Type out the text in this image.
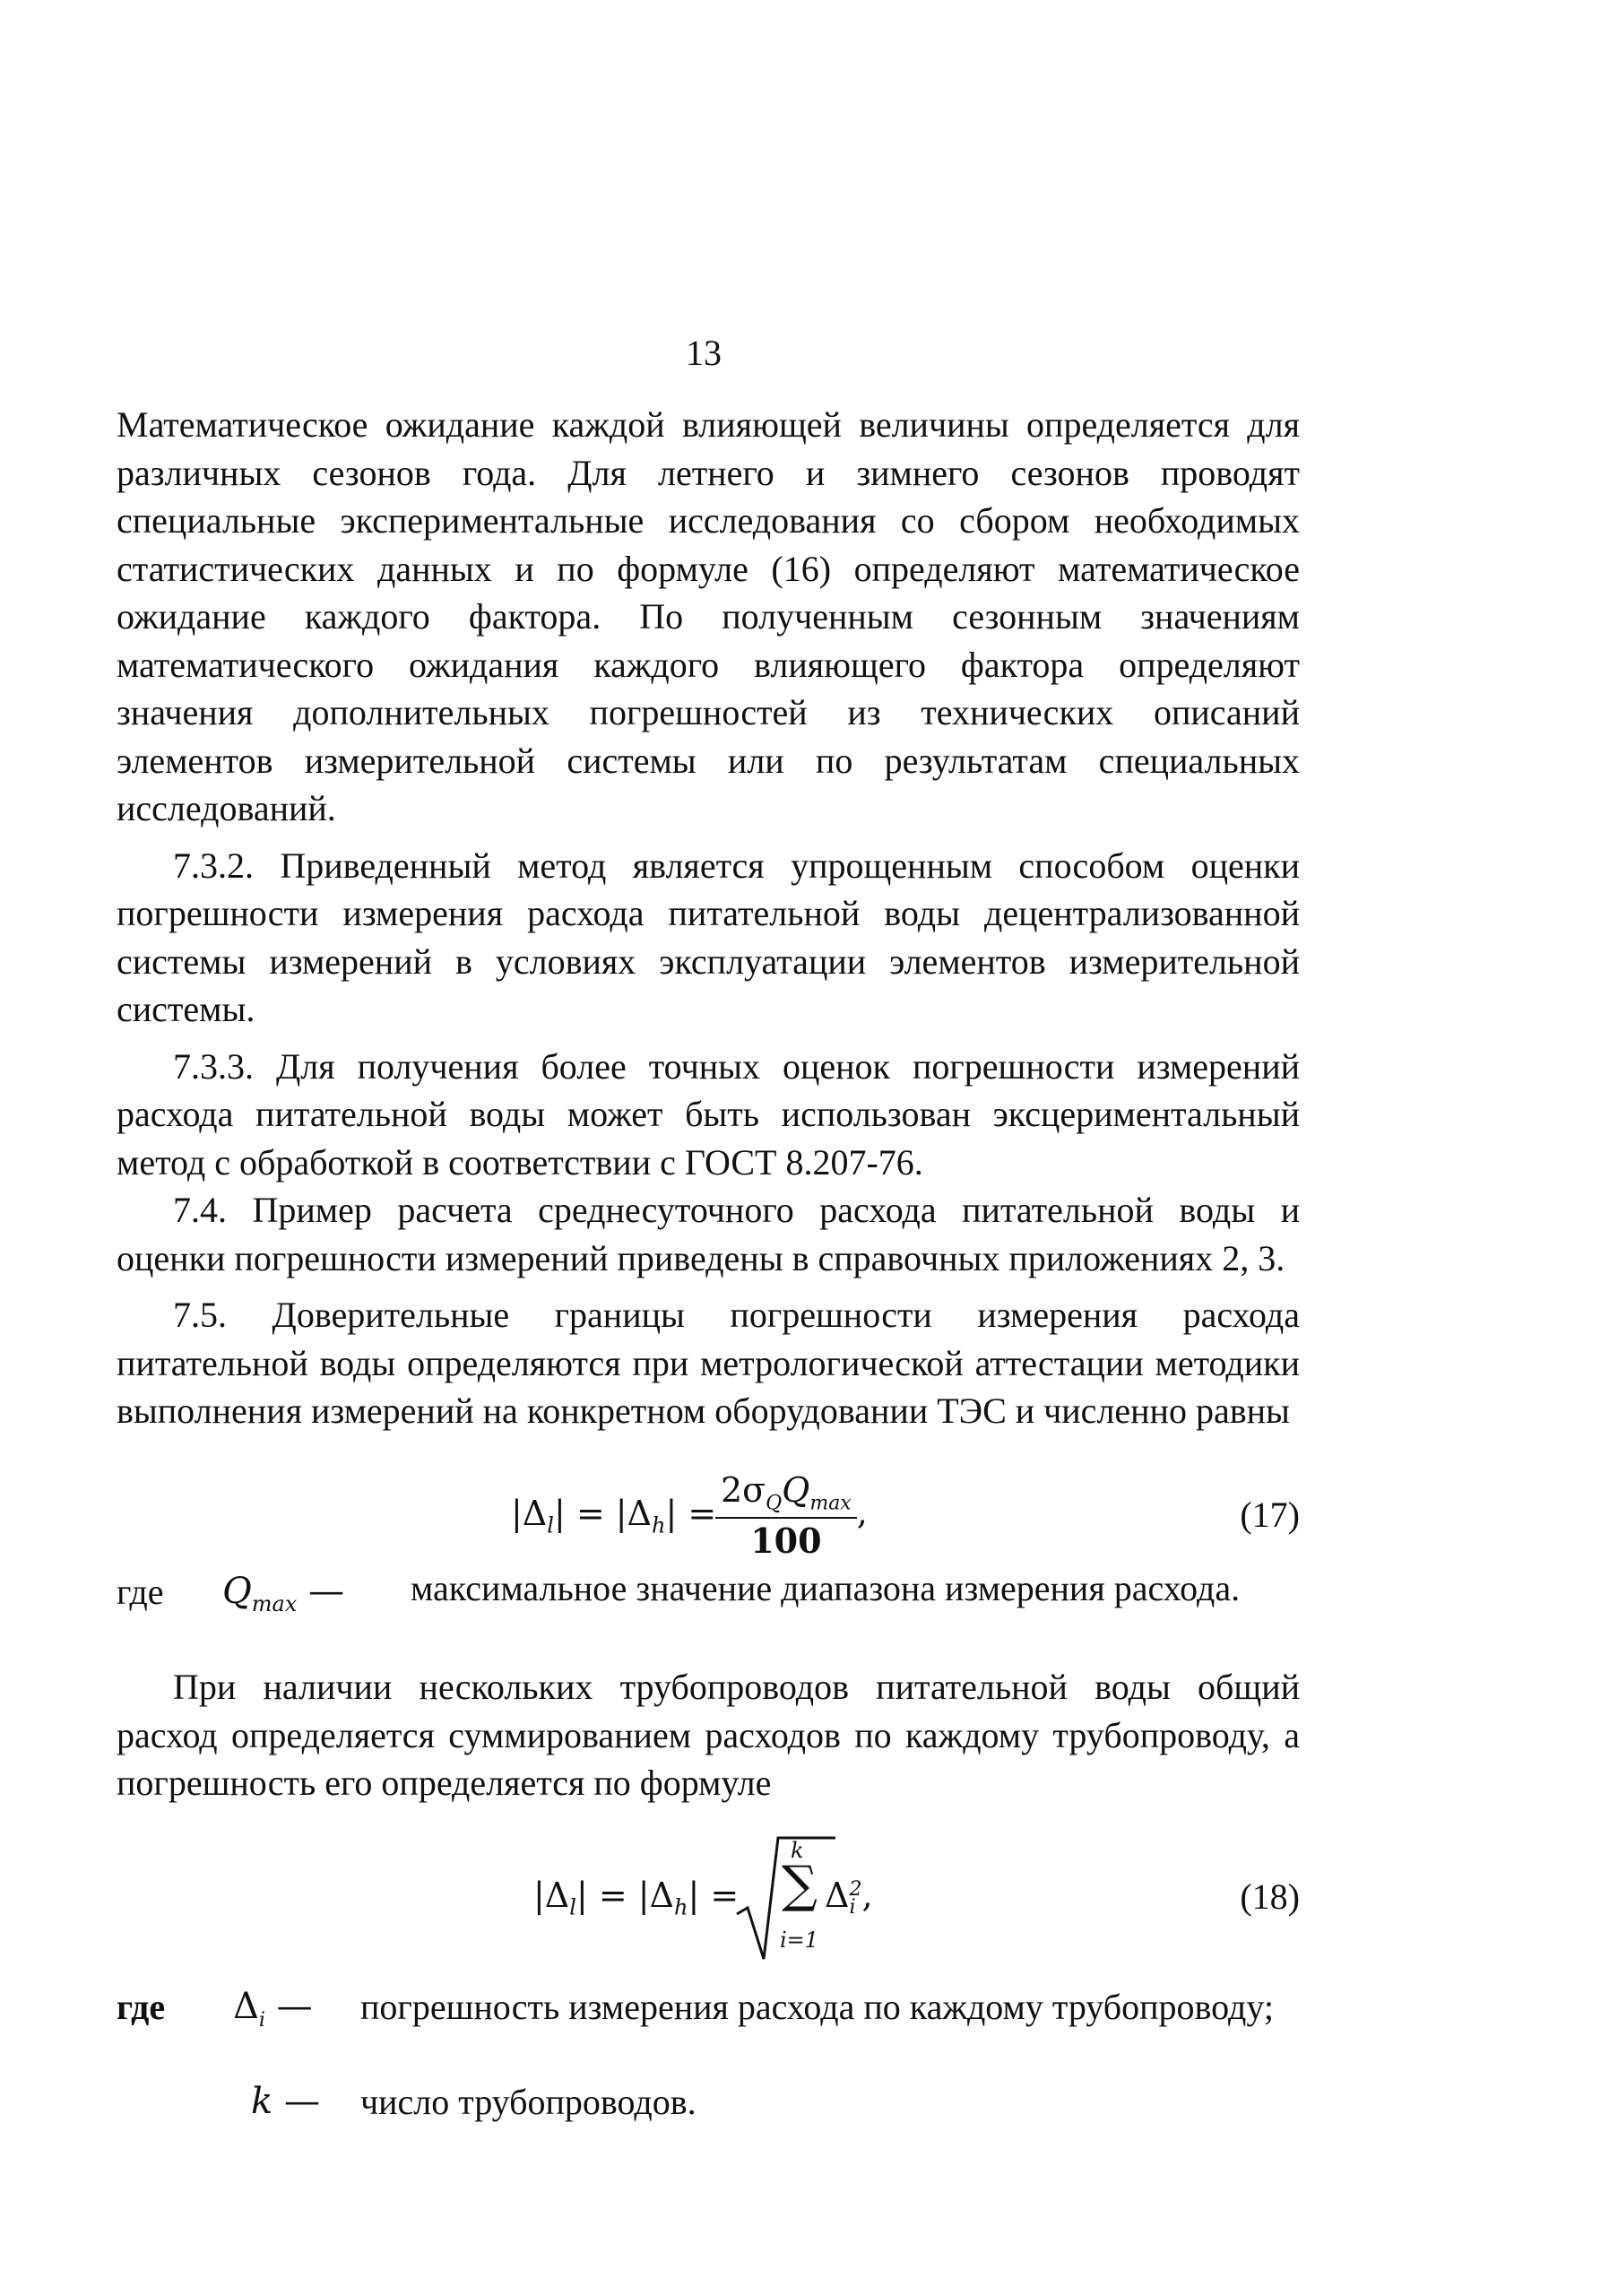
13

Математическое ожидание каждой влияющей величины определяется для различных сезонов года. Для летнего и зимнего сезонов проводят специальные экспериментальные исследования со сбором необходимых статистических данных и по формуле (16) определяют математическое ожидание каждого фактора. По полученным сезонным значениям математического ожидания каждого влияющего фактора определяют значения дополнительных погрешностей из технических описаний элементов измерительной системы или по результатам специальных исследований.

7.3.2. Приведенный метод является упрощенным способом оценки погрешности измерения расхода питательной воды децентрализованной системы измерений в условиях эксплуатации элементов измерительной системы.

7.3.3. Для получения более точных оценок погрешности измерений расхода питательной воды может быть использован эксцериментальный метод с обработкой в соответствии с ГОСТ 8.207-76.

7.4. Пример расчета среднесуточного расхода питательной воды и оценки погрешности измерений приведены в справочных приложениях 2, 3.

7.5. Доверительные границы погрешности измерения расхода питательной воды определяются при метрологической аттестации методики выполнения измерений на конкретном оборудовании ТЭС и численно равны

$|\Delta_l| = |\Delta_h|$ =
$\frac{2\sigma_QQ_{max}}{100}$ ,	(17)
где $Q_{max}$ — максимальное значение диапазона измерения расхода.

При наличии нескольких трубопроводов питательной воды общий расход определяется суммированием расходов по каждому трубопроводу, а погрешность его определяется по формуле

$|\Delta_l| = |\Delta_h|$ =
k
∑
i=1
Δ 2
i ,	(18)
где $\Delta_i$ — погрешность измерения расхода по каждому трубопроводу;
k — число трубопроводов.
